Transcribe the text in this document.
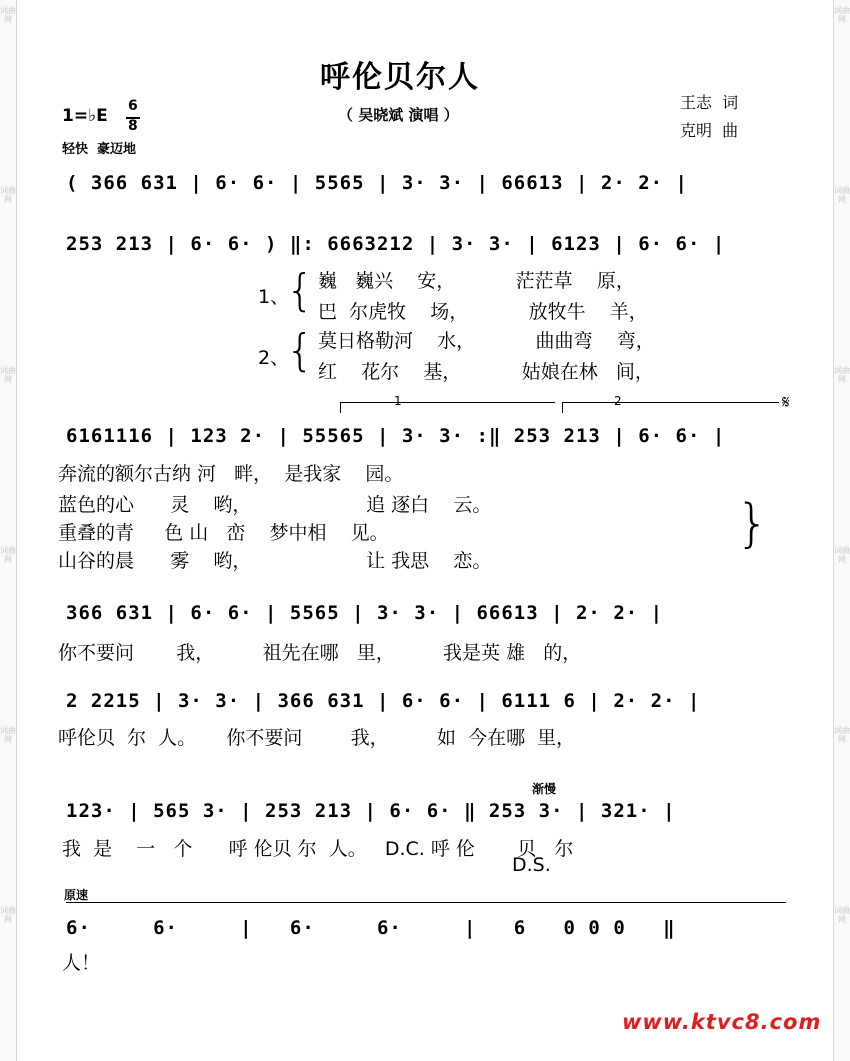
词曲网
词曲网
词曲网
词曲网
词曲网
词曲网
词曲网
词曲网
词曲网
词曲网
词曲网
词曲网
呼伦贝尔人
（ 吴晓斌 演唱 ）
王志  词
克明  曲
1=♭E 6
8
轻快  豪迈地
( 366 631 | 6· 6· | 5565 | 3· 3· | 66613 | 2· 2· |
253 213 | 6· 6· ) ‖: 6663212 | 3· 3· | 6123 | 6· 6· |
1、
{ 巍   巍兴    安，          茫茫草    原，
巴  尔虎牧    场，          放牧牛    羊，
2、
{ 莫日格勒河    水，          曲曲弯    弯，
红    花尔    基，          姑娘在林   间，
1	2	𝄋
6161116 | 123 2· | 55565 | 3· 3· :‖ 253 213 | 6· 6· |
奔流的额尔古纳 河   畔，  是我家    园。
蓝色的心      灵    哟，                   追 逐白    云。
重叠的青     色 山   峦    梦中相    见。
山谷的晨      雾    哟，                   让 我思    恋。
}
366 631 | 6· 6· | 5565 | 3· 3· | 66613 | 2· 2· |
你不要问       我，        祖先在哪   里，        我是英 雄   的，
2 2215 | 3· 3· | 366 631 | 6· 6· | 6111 6 | 2· 2· |
呼伦贝  尔  人。     你不要问        我，        如  今在哪  里，
渐慢
123· | 565 3· | 253 213 | 6· 6· ‖ 253 3· | 321· |
我  是    一   个      呼 伦贝 尔  人。   D.C. 呼 伦       贝   尔
D.S.
原速
6·     6·     |   6·     6·     |   6   0 0 0   ‖
人！
www.ktvc8.com
